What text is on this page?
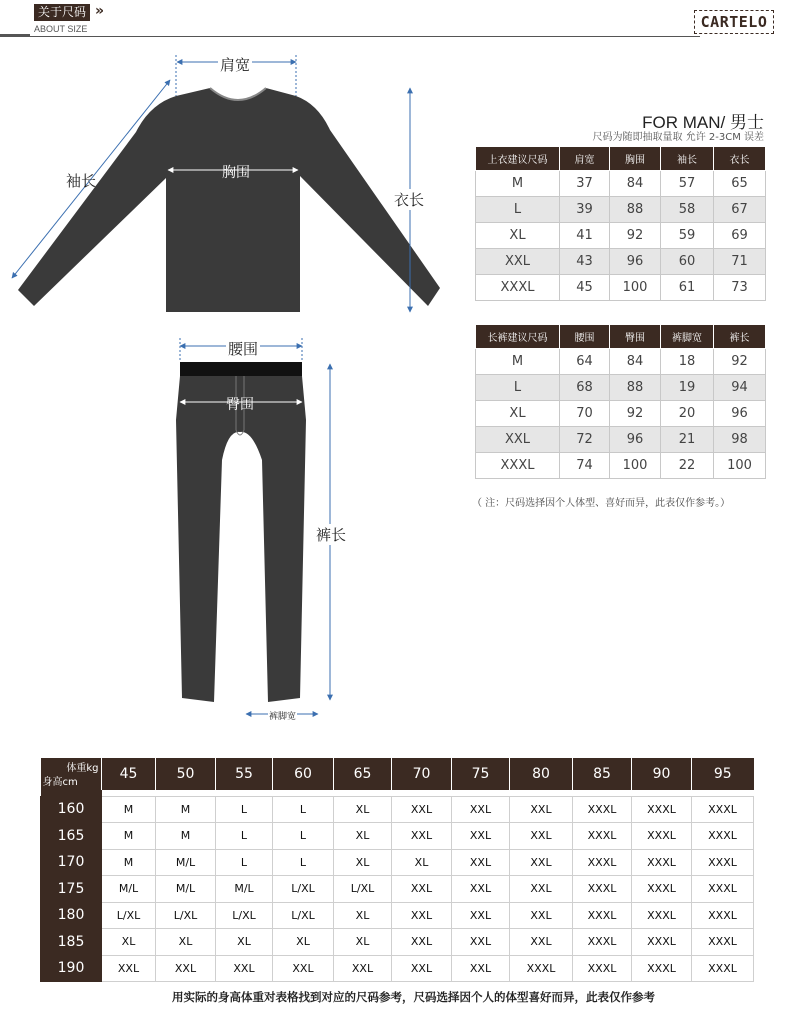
关于尺码 »
ABOUT SIZE	CARTELO
肩宽
袖长	胸围
衣长
腰围
臀围
裤长
裤脚宽
FOR MAN/ 男士
尺码为随即抽取量取 允许 2-3CM 误差
上衣建议尺码	肩宽	胸围	袖长	衣长
M	37	84	57	65
L	39	88	58	67
XL	41	92	59	69
XXL	43	96	60	71
XXXL	45	100	61	73
长裤建议尺码	腰围	臀围	裤脚宽	裤长
M	64	84	18	92
L	68	88	19	94
XL	70	92	20	96
XXL	72	96	21	98
XXXL	74	100	22	100
（ 注：尺码选择因个人体型、喜好而异，此表仅作参考。）
体重kg
身高cm	45	50	55	60	65	70	75	80	85	90	95

160	M	M	L	L	XL	XXL	XXL	XXL	XXXL	XXXL	XXXL
165	M	M	L	L	XL	XXL	XXL	XXL	XXXL	XXXL	XXXL
170	M	M/L	L	L	XL	XL	XXL	XXL	XXXL	XXXL	XXXL
175	M/L	M/L	M/L	L/XL	L/XL	XXL	XXL	XXL	XXXL	XXXL	XXXL
180	L/XL	L/XL	L/XL	L/XL	XL	XXL	XXL	XXL	XXXL	XXXL	XXXL
185	XL	XL	XL	XL	XL	XXL	XXL	XXL	XXXL	XXXL	XXXL
190	XXL	XXL	XXL	XXL	XXL	XXL	XXL	XXXL	XXXL	XXXL	XXXL
用实际的身高体重对表格找到对应的尺码参考，尺码选择因个人的体型喜好而异，此表仅作参考
